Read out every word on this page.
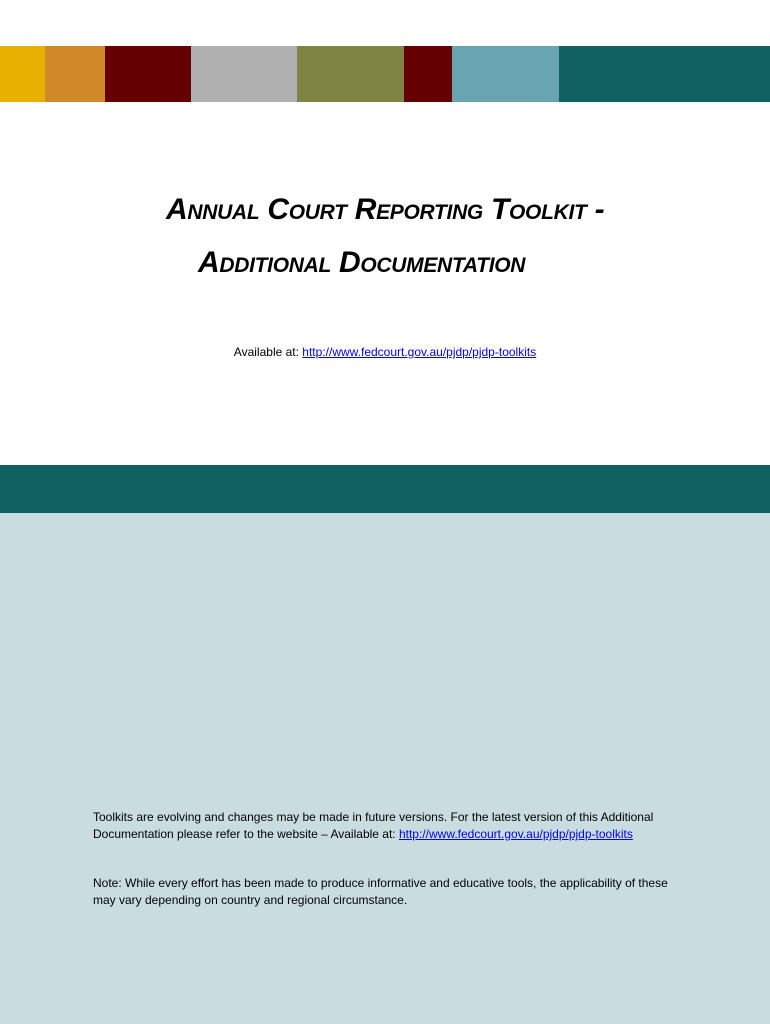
Annual Court Reporting Toolkit -
Additional Documentation
Available at: http://www.fedcourt.gov.au/pjdp/pjdp-toolkits

Toolkits are evolving and changes may be made in future versions. For the latest version of this Additional Documentation please refer to the website – Available at: http://www.fedcourt.gov.au/pjdp/pjdp-toolkits

Note: While every effort has been made to produce informative and educative tools, the applicability of these may vary depending on country and regional circumstance.
